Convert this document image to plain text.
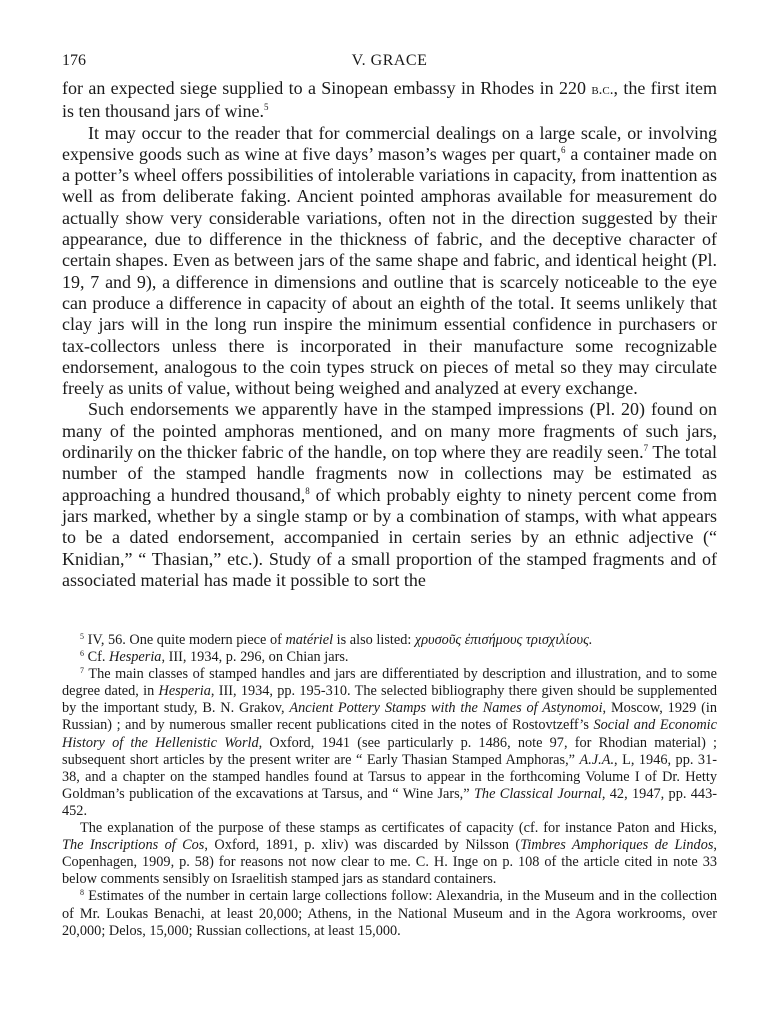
176	V. GRACE

for an expected siege supplied to a Sinopean embassy in Rhodes in 220 b.c., the first item is ten thousand jars of wine.$^5$

It may occur to the reader that for commercial dealings on a large scale, or involving expensive goods such as wine at five days’ mason’s wages per quart,$^6$ a container made on a potter’s wheel offers possibilities of intolerable variations in capacity, from inattention as well as from deliberate faking. Ancient pointed amphoras available for measurement do actually show very considerable variations, often not in the direction suggested by their appearance, due to difference in the thickness of fabric, and the deceptive character of certain shapes. Even as between jars of the same shape and fabric, and identical height (Pl. 19, 7 and 9), a difference in dimensions and outline that is scarcely noticeable to the eye can produce a difference in capacity of about an eighth of the total. It seems unlikely that clay jars will in the long run inspire the minimum essential confidence in purchasers or tax-collectors unless there is incorporated in their manufacture some recognizable endorsement, analogous to the coin types struck on pieces of metal so they may circulate freely as units of value, without being weighed and analyzed at every exchange.

Such endorsements we apparently have in the stamped impressions (Pl. 20) found on many of the pointed amphoras mentioned, and on many more fragments of such jars, ordinarily on the thicker fabric of the handle, on top where they are readily seen.$^7$ The total number of the stamped handle fragments now in collections may be estimated as approaching a hundred thousand,$^8$ of which probably eighty to ninety percent come from jars marked, whether by a single stamp or by a combination of stamps, with what appears to be a dated endorsement, accompanied in certain series by an ethnic adjective (“ Knidian,” “ Thasian,” etc.). Study of a small proportion of the stamped fragments and of associated material has made it possible to sort the

$^5$ IV, 56. One quite modern piece of matériel is also listed: χρυσοῦς ἐπισήμους τρισχιλίους.

$^6$ Cf. Hesperia, III, 1934, p. 296, on Chian jars.

$^7$ The main classes of stamped handles and jars are differentiated by description and illustration, and to some degree dated, in Hesperia, III, 1934, pp. 195-310. The selected bibliography there given should be supplemented by the important study, B. N. Grakov, Ancient Pottery Stamps with the Names of Astynomoi, Moscow, 1929 (in Russian) ; and by numerous smaller recent publications cited in the notes of Rostovtzeff’s Social and Economic History of the Hellenistic World, Oxford, 1941 (see particularly p. 1486, note 97, for Rhodian material) ; subsequent short articles by the present writer are “ Early Thasian Stamped Amphoras,” A.J.A., L, 1946, pp. 31-38, and a chapter on the stamped handles found at Tarsus to appear in the forthcoming Volume I of Dr. Hetty Goldman’s publication of the excavations at Tarsus, and “ Wine Jars,” The Classical Journal, 42, 1947, pp. 443-452.

The explanation of the purpose of these stamps as certificates of capacity (cf. for instance Paton and Hicks, The Inscriptions of Cos, Oxford, 1891, p. xliv) was discarded by Nilsson (Timbres Amphoriques de Lindos, Copenhagen, 1909, p. 58) for reasons not now clear to me. C. H. Inge on p. 108 of the article cited in note 33 below comments sensibly on Israelitish stamped jars as standard containers.

$^8$ Estimates of the number in certain large collections follow: Alexandria, in the Museum and in the collection of Mr. Loukas Benachi, at least 20,000; Athens, in the National Museum and in the Agora workrooms, over 20,000; Delos, 15,000; Russian collections, at least 15,000.
